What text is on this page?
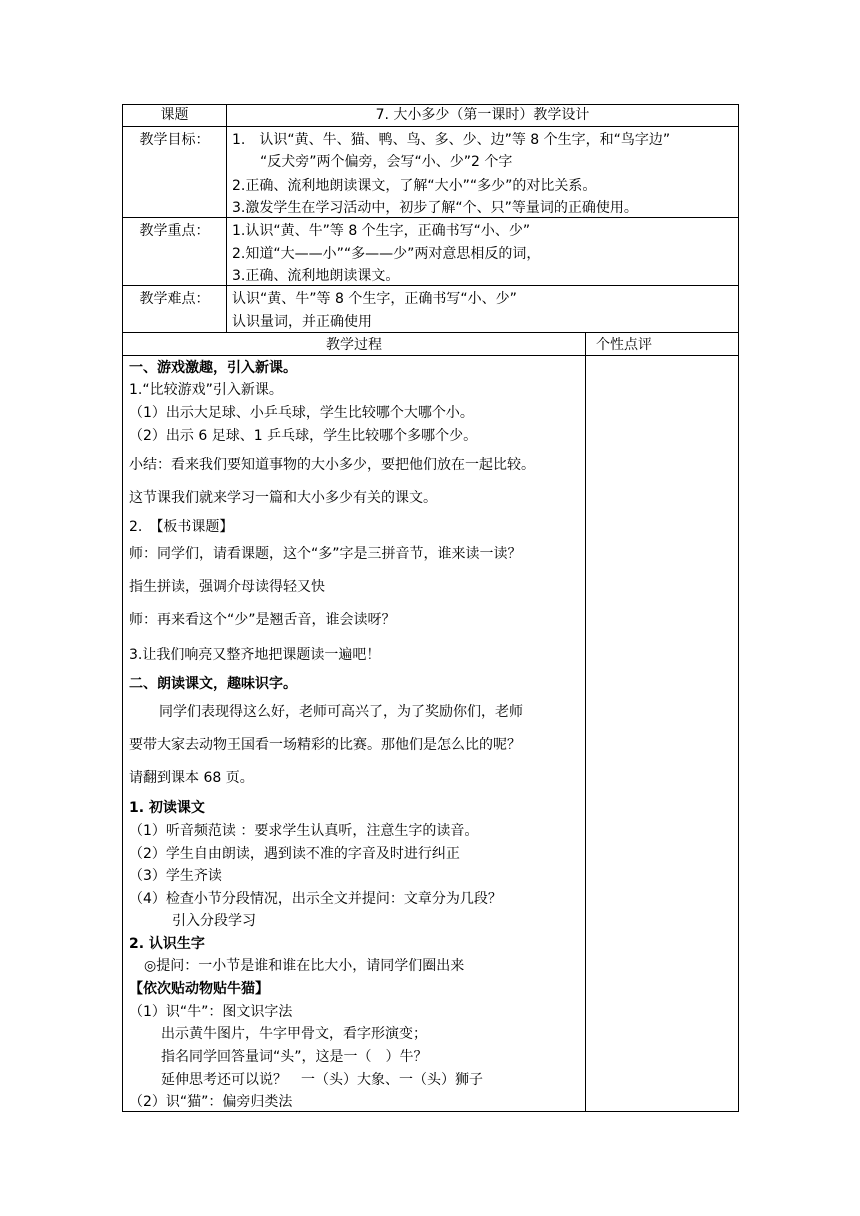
课题	7. 大小多少（第一课时）教学设计
教学目标：	1.　认识“黄、牛、猫、鸭、鸟、多、少、边”等 8 个生字，和“鸟字边”
“反犬旁”两个偏旁，会写“小、少”2 个字
2.正确、流利地朗读课文，了解“大小”“多少”的对比关系。
3.激发学生在学习活动中，初步了解“个、只”等量词的正确使用。
教学重点：	1.认识“黄、牛”等 8 个生字，正确书写“小、少”
2.知道“大——小”“多——少”两对意思相反的词，
3.正确、流利地朗读课文。
教学难点：	认识“黄、牛”等 8 个生字，正确书写“小、少”
认识量词，并正确使用
教学过程	个性点评
一、游戏激趣，引入新课。
1.“比较游戏”引入新课。
（1）出示大足球、小乒乓球，学生比较哪个大哪个小。
（2）出示 6 足球、1 乒乓球，学生比较哪个多哪个少。
小结：看来我们要知道事物的大小多少，要把他们放在一起比较。
这节课我们就来学习一篇和大小多少有关的课文。
2.　【板书课题】
师：同学们，请看课题，这个“多”字是三拼音节，谁来读一读？
指生拼读，强调介母读得轻又快
师：再来看这个“少”是翘舌音，谁会读呀？
3.让我们响亮又整齐地把课题读一遍吧！
二、朗读课文，趣味识字。
同学们表现得这么好，老师可高兴了，为了奖励你们，老师
要带大家去动物王国看一场精彩的比赛。那他们是怎么比的呢？
请翻到课本 68 页。
1. 初读课文
（1）听音频范读 ：要求学生认真听，注意生字的读音。
（2）学生自由朗读，遇到读不准的字音及时进行纠正
（3）学生齐读
（4）检查小节分段情况，出示全文并提问：文章分为几段？
引入分段学习
2. 认识生字
◎提问：一小节是谁和谁在比大小，请同学们圈出来
【依次贴动物贴牛猫】
（1）识“牛”：图文识字法
出示黄牛图片，牛字甲骨文，看字形演变；
指名同学回答量词“头”，这是一（　）牛？
延伸思考还可以说？　一（头）大象、一（头）狮子
（2）识“猫”：偏旁归类法
